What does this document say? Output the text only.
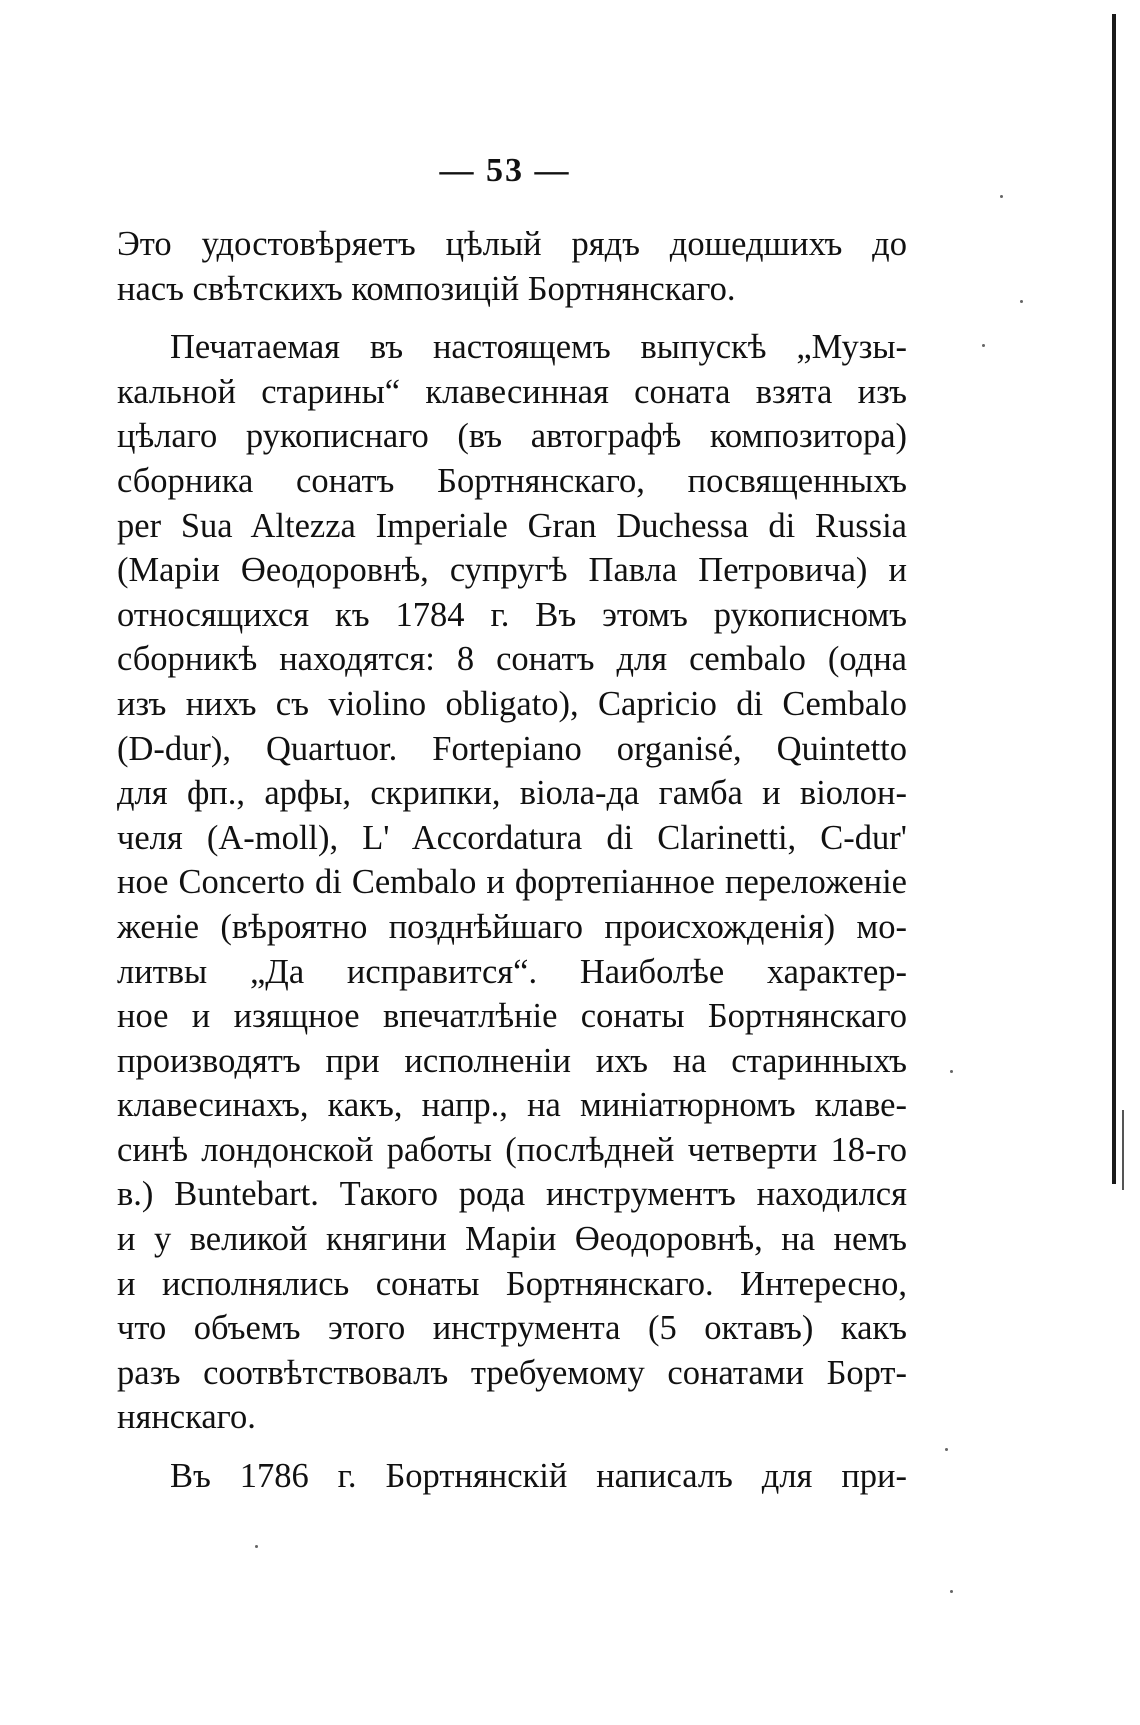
— 53 —
Это удостовѣряетъ цѣлый рядъ дошедшихъ до
насъ свѣтскихъ композицій Бортнянскаго.
Печатаемая въ настоящемъ выпускѣ „Музы-
кальной старины“ клавесинная соната взята изъ
цѣлаго рукописнаго (въ автографѣ композитора)
сборника сонатъ Бортнянскаго, посвященныхъ
per Sua Altezza Imperiale Gran Duchessa di Russia
(Маріи Өеодоровнѣ, супругѣ Павла Петровича) и
относящихся къ 1784 г. Въ этомъ рукописномъ
сборникѣ находятся: 8 сонатъ для cembalo (одна
изъ нихъ съ violino obligato), Capricio di Cembalo
(D-dur), Quartuor. Forteріano organisé, Quintetto
для фп., арфы, скрипки, віола-да гамба и віолон-
челя (A-moll), L' Accordatura di Clarinetti, C-dur'
ное Concerto di Cembalo и фортепіанное переложеніе
женіе (вѣроятно позднѣйшаго происхожденія) мо-
литвы „Да исправится“. Наиболѣе характер-
ное и изящное впечатлѣніе сонаты Бортнянскаго
производятъ при исполненіи ихъ на старинныхъ
клавесинахъ, какъ, напр., на миніатюрномъ клаве-
синѣ лондонской работы (послѣдней четверти 18-го
в.) Buntebart. Такого рода инструментъ находился
и у великой княгини Маріи Өеодоровнѣ, на немъ
и исполнялись сонаты Бортнянскаго. Интересно,
что объемъ этого инструмента (5 октавъ) какъ
разъ соотвѣтствовалъ требуемому сонатами Борт-
нянскаго.
Въ 1786 г. Бортнянскій написалъ для при-
